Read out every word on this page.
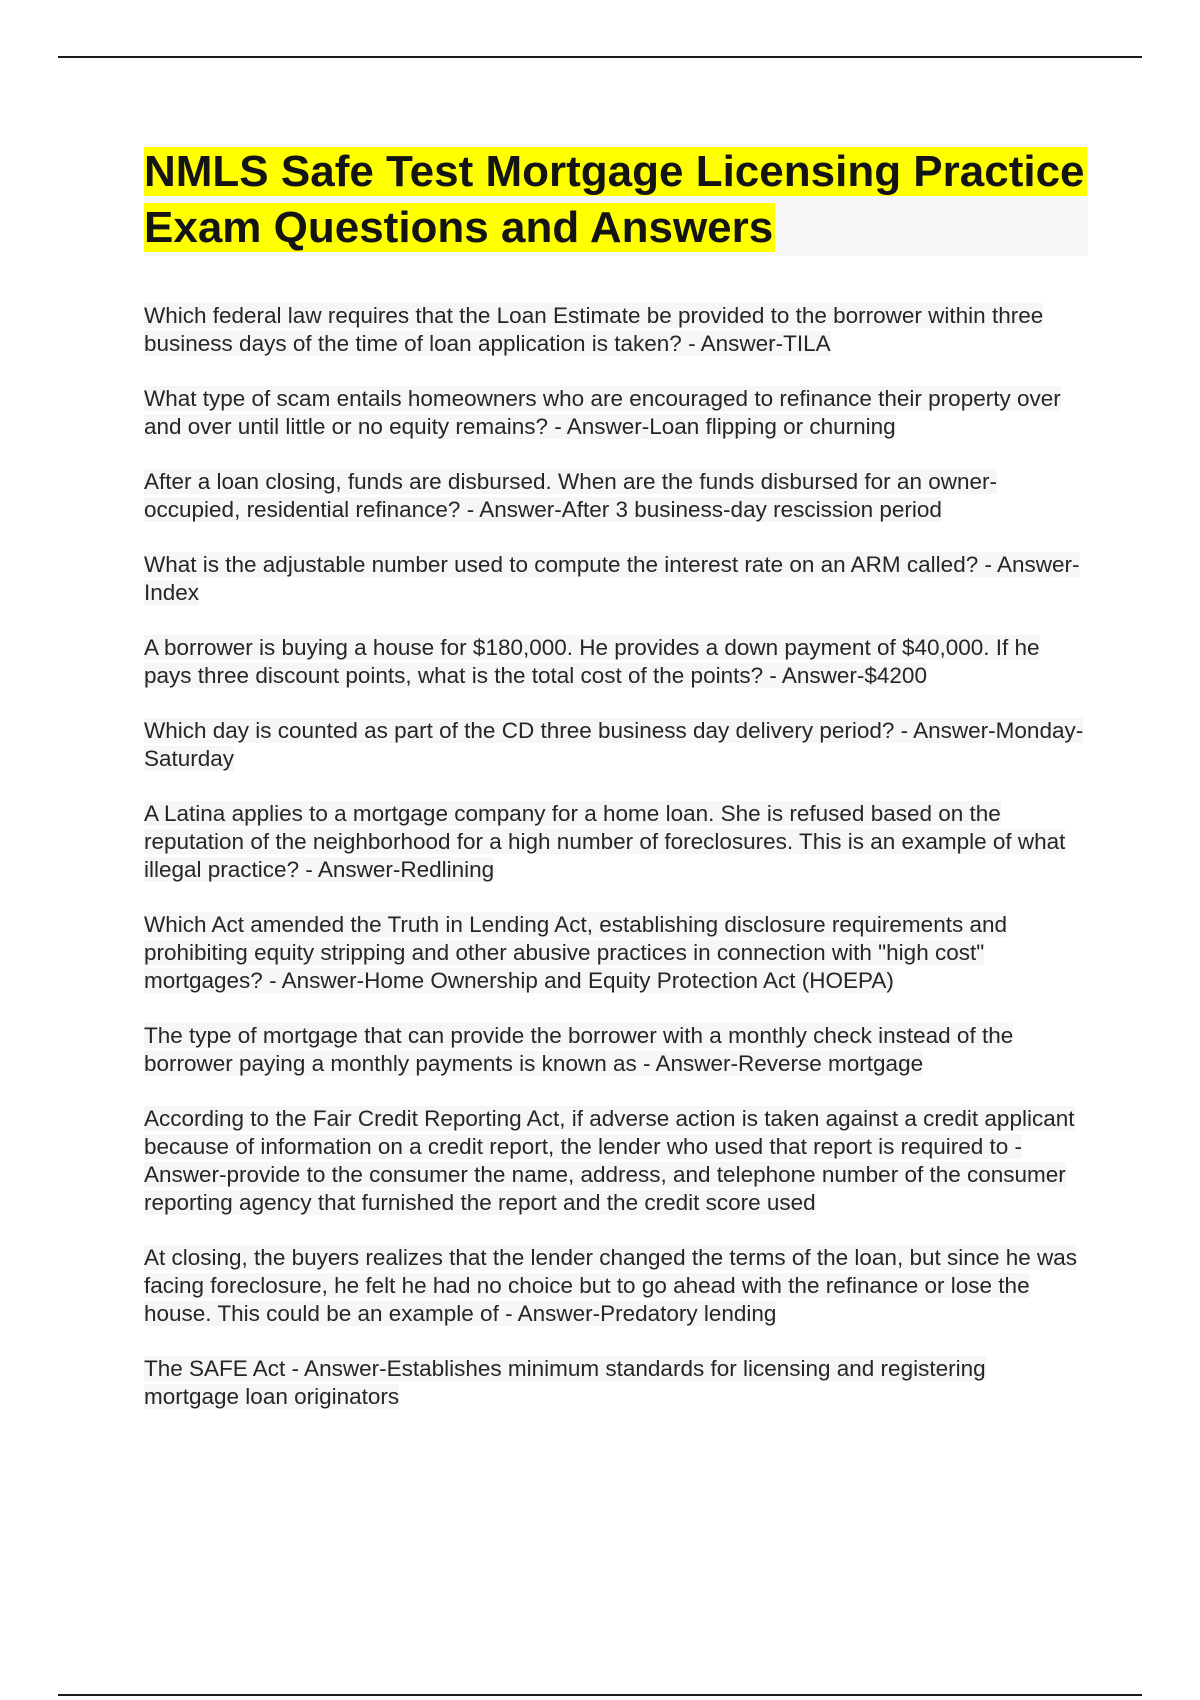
NMLS Safe Test Mortgage Licensing Practice Exam Questions and Answers
Which federal law requires that the Loan Estimate be provided to the borrower within three business days of the time of loan application is taken? - Answer-TILA
What type of scam entails homeowners who are encouraged to refinance their property over and over until little or no equity remains? - Answer-Loan flipping or churning
After a loan closing, funds are disbursed. When are the funds disbursed for an owner-occupied, residential refinance? - Answer-After 3 business-day rescission period
What is the adjustable number used to compute the interest rate on an ARM called? - Answer-Index
A borrower is buying a house for $180,000. He provides a down payment of $40,000. If he pays three discount points, what is the total cost of the points? - Answer-$4200
Which day is counted as part of the CD three business day delivery period? - Answer-Monday-Saturday
A Latina applies to a mortgage company for a home loan. She is refused based on the reputation of the neighborhood for a high number of foreclosures. This is an example of what illegal practice? - Answer-Redlining
Which Act amended the Truth in Lending Act, establishing disclosure requirements and prohibiting equity stripping and other abusive practices in connection with "high cost" mortgages? - Answer-Home Ownership and Equity Protection Act (HOEPA)
The type of mortgage that can provide the borrower with a monthly check instead of the borrower paying a monthly payments is known as - Answer-Reverse mortgage
According to the Fair Credit Reporting Act, if adverse action is taken against a credit applicant because of information on a credit report, the lender who used that report is required to - Answer-provide to the consumer the name, address, and telephone number of the consumer reporting agency that furnished the report and the credit score used
At closing, the buyers realizes that the lender changed the terms of the loan, but since he was facing foreclosure, he felt he had no choice but to go ahead with the refinance or lose the house. This could be an example of - Answer-Predatory lending
The SAFE Act - Answer-Establishes minimum standards for licensing and registering mortgage loan originators
